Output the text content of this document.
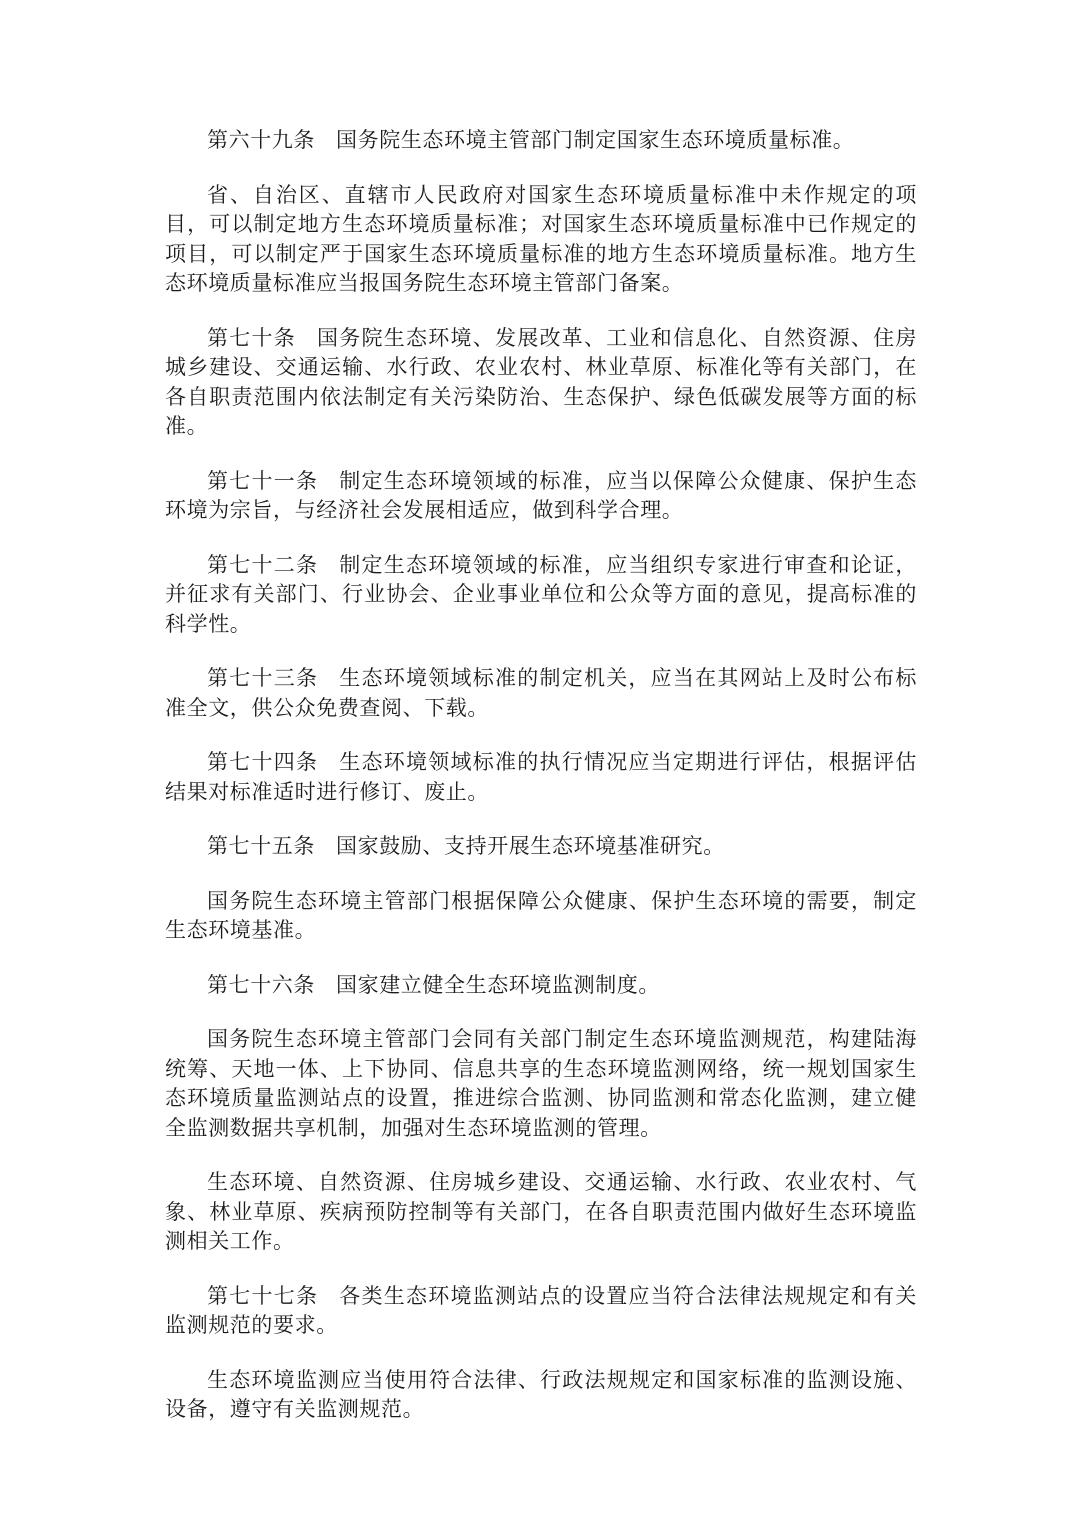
第六十九条 国务院生态环境主管部门制定国家生态环境质量标准。

省、自治区、直辖市人民政府对国家生态环境质量标准中未作规定的项目，可以制定地方生态环境质量标准；对国家生态环境质量标准中已作规定的项目，可以制定严于国家生态环境质量标准的地方生态环境质量标准。地方生态环境质量标准应当报国务院生态环境主管部门备案。

第七十条 国务院生态环境、发展改革、工业和信息化、自然资源、住房城乡建设、交通运输、水行政、农业农村、林业草原、标准化等有关部门，在各自职责范围内依法制定有关污染防治、生态保护、绿色低碳发展等方面的标准。

第七十一条 制定生态环境领域的标准，应当以保障公众健康、保护生态环境为宗旨，与经济社会发展相适应，做到科学合理。

第七十二条 制定生态环境领域的标准，应当组织专家进行审查和论证，并征求有关部门、行业协会、企业事业单位和公众等方面的意见，提高标准的科学性。

第七十三条 生态环境领域标准的制定机关，应当在其网站上及时公布标准全文，供公众免费查阅、下载。

第七十四条 生态环境领域标准的执行情况应当定期进行评估，根据评估结果对标准适时进行修订、废止。

第七十五条 国家鼓励、支持开展生态环境基准研究。

国务院生态环境主管部门根据保障公众健康、保护生态环境的需要，制定生态环境基准。

第七十六条 国家建立健全生态环境监测制度。

国务院生态环境主管部门会同有关部门制定生态环境监测规范，构建陆海统筹、天地一体、上下协同、信息共享的生态环境监测网络，统一规划国家生态环境质量监测站点的设置，推进综合监测、协同监测和常态化监测，建立健全监测数据共享机制，加强对生态环境监测的管理。

生态环境、自然资源、住房城乡建设、交通运输、水行政、农业农村、气象、林业草原、疾病预防控制等有关部门，在各自职责范围内做好生态环境监测相关工作。

第七十七条 各类生态环境监测站点的设置应当符合法律法规规定和有关监测规范的要求。

生态环境监测应当使用符合法律、行政法规规定和国家标准的监测设施、设备，遵守有关监测规范。
